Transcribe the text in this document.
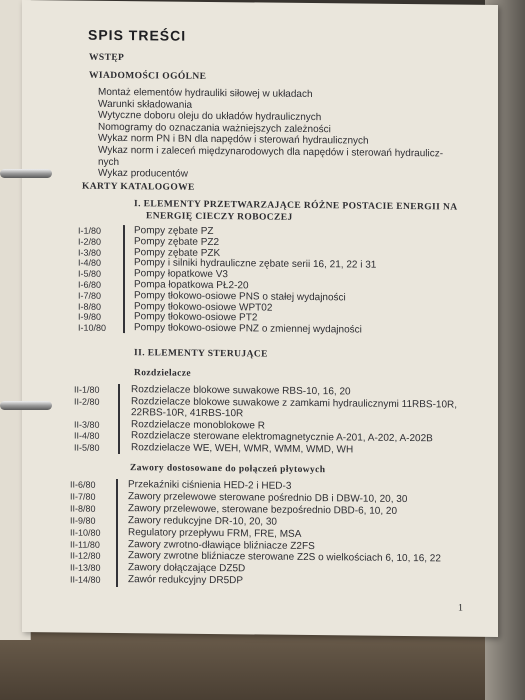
SPIS TREŚCI
WSTĘP
WIADOMOŚCI OGÓLNE
Montaż elementów hydrauliki siłowej w układach
Warunki składowania
Wytyczne doboru oleju do układów hydraulicznych
Nomogramy do oznaczania ważniejszych zależności
Wykaz norm PN i BN dla napędów i sterowań hydraulicznych
Wykaz norm i zaleceń międzynarodowych dla napędów i sterowań hydraulicz-
nych
Wykaz producentów
KARTY KATALOGOWE
I. ELEMENTY PRZETWARZAJĄCE RÓŻNE POSTACIE ENERGII NA
ENERGIĘ CIECZY ROBOCZEJ
I-1/80	Pompy zębate PZ
I-2/80	Pompy zębate PZ2
I-3/80	Pompy zębate PZK
I-4/80	Pompy i silniki hydrauliczne zębate serii 16, 21, 22 i 31
I-5/80	Pompy łopatkowe V3
I-6/80	Pompa łopatkowa PŁ2-20
I-7/80	Pompy tłokowo-osiowe PNS o stałej wydajności
I-8/80	Pompy tłokowo-osiowe WPT02
I-9/80	Pompy tłokowo-osiowe PT2
I-10/80	Pompy tłokowo-osiowe PNZ o zmiennej wydajności
II. ELEMENTY STERUJĄCE
Rozdzielacze
II-1/80	Rozdzielacze blokowe suwakowe RBS-10, 16, 20
II-2/80	Rozdzielacze blokowe suwakowe z zamkami hydraulicznymi 11RBS-10R,
22RBS-10R, 41RBS-10R
II-3/80	Rozdzielacze monoblokowe R
II-4/80	Rozdzielacze sterowane elektromagnetycznie A-201, A-202, A-202B
II-5/80	Rozdzielacze WE, WEH, WMR, WMM, WMD, WH
Zawory dostosowane do połączeń płytowych
II-6/80	Przekaźniki ciśnienia HED-2 i HED-3
II-7/80	Zawory przelewowe sterowane pośrednio DB i DBW-10, 20, 30
II-8/80	Zawory przelewowe, sterowane bezpośrednio DBD-6, 10, 20
II-9/80	Zawory redukcyjne DR-10, 20, 30
II-10/80	Regulatory przepływu FRM, FRE, MSA
II-11/80	Zawory zwrotno-dławiące bliźniacze Z2FS
II-12/80	Zawory zwrotne bliźniacze sterowane Z2S o wielkościach 6, 10, 16, 22
II-13/80	Zawory dołączające DZ5D
II-14/80	Zawór redukcyjny DR5DP
1
